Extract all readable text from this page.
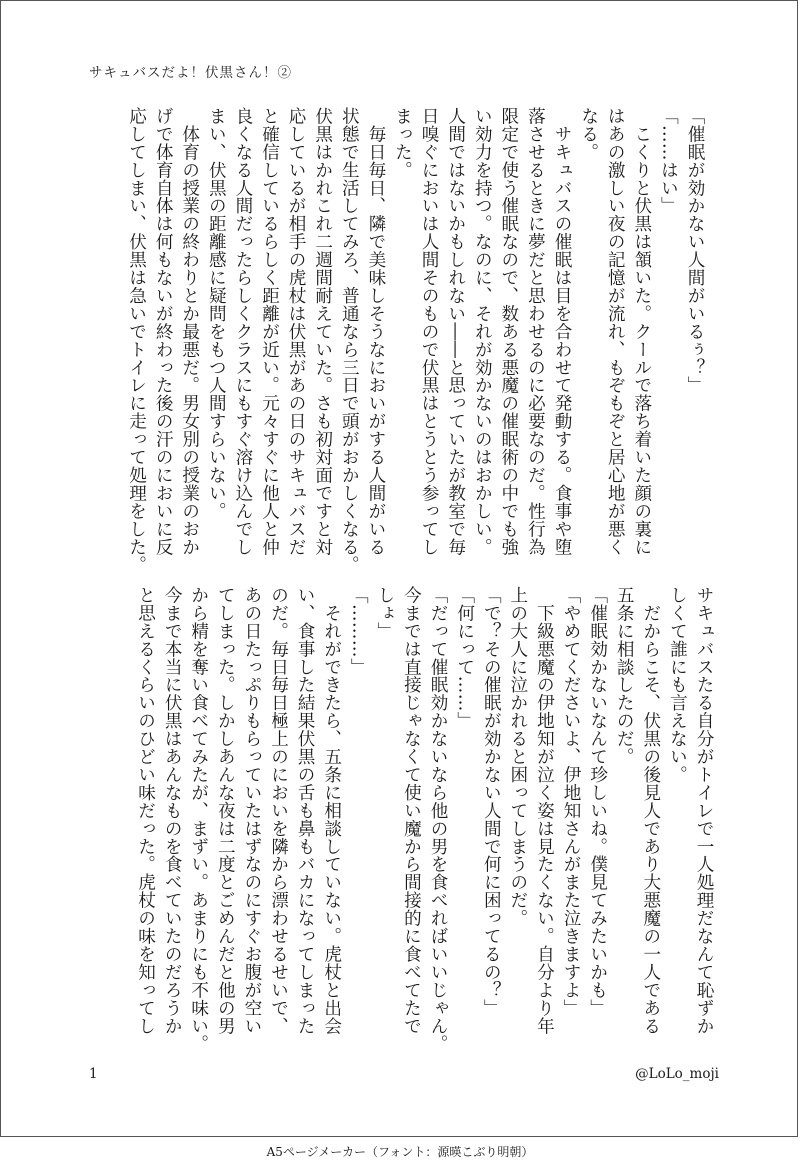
サキュバスだよ！伏黒さん！②
「催眠が効かない人間がいるぅ？」
「……はい」
　こくりと伏黒は頷いた。クールで落ち着いた顔の裏に
はあの激しい夜の記憶が流れ、もぞもぞと居心地が悪く
なる。
　サキュバスの催眠は目を合わせて発動する。食事や堕
落させるときに夢だと思わせるのに必要なのだ。性行為
限定で使う催眠なので、数ある悪魔の催眠術の中でも強
い効力を持つ。なのに、それが効かないのはおかしい。
人間ではないかもしれない――と思っていたが教室で毎
日嗅ぐにおいは人間そのもので伏黒はとうとう参ってし
まった。
　毎日毎日、隣で美味しそうなにおいがする人間がいる
状態で生活してみろ、普通なら三日で頭がおかしくなる。
伏黒はかれこれ二週間耐えていた。さも初対面ですと対
応しているが相手の虎杖は伏黒があの日のサキュバスだ
と確信しているらしく距離が近い。元々すぐに他人と仲
良くなる人間だったらしくクラスにもすぐ溶け込んでし
まい、伏黒の距離感に疑問をもつ人間すらいない。
　体育の授業の終わりとか最悪だ。男女別の授業のおか
げで体育自体は何もないが終わった後の汗のにおいに反
応してしまい、伏黒は急いでトイレに走って処理をした。
サキュバスたる自分がトイレで一人処理だなんて恥ずか
しくて誰にも言えない。
　だからこそ、伏黒の後見人であり大悪魔の一人である
五条に相談したのだ。
「催眠効かないなんて珍しいね。僕見てみたいかも」
「やめてくださいよ、伊地知さんがまた泣きますよ」
　下級悪魔の伊地知が泣く姿は見たくない。自分より年
上の大人に泣かれると困ってしまうのだ。
「で？その催眠が効かない人間で何に困ってるの？」
「何にって……」
「だって催眠効かないなら他の男を食べればいいじゃん。
今までは直接じゃなくて使い魔から間接的に食べてたで
しょ」
「………」
　それができたら、五条に相談していない。虎杖と出会
い、食事した結果伏黒の舌も鼻もバカになってしまった
のだ。毎日毎日極上のにおいを隣から漂わせるせいで、
あの日たっぷりもらっていたはずなのにすぐお腹が空い
てしまった。しかしあんな夜は二度とごめんだと他の男
から精を奪い食べてみたが、まずい。あまりにも不味い。
今まで本当に伏黒はあんなものを食べていたのだろうか
と思えるくらいのひどい味だった。虎杖の味を知ってし
1	@LoLo_moji
A5ページメーカー（フォント：源暎こぶり明朝）
